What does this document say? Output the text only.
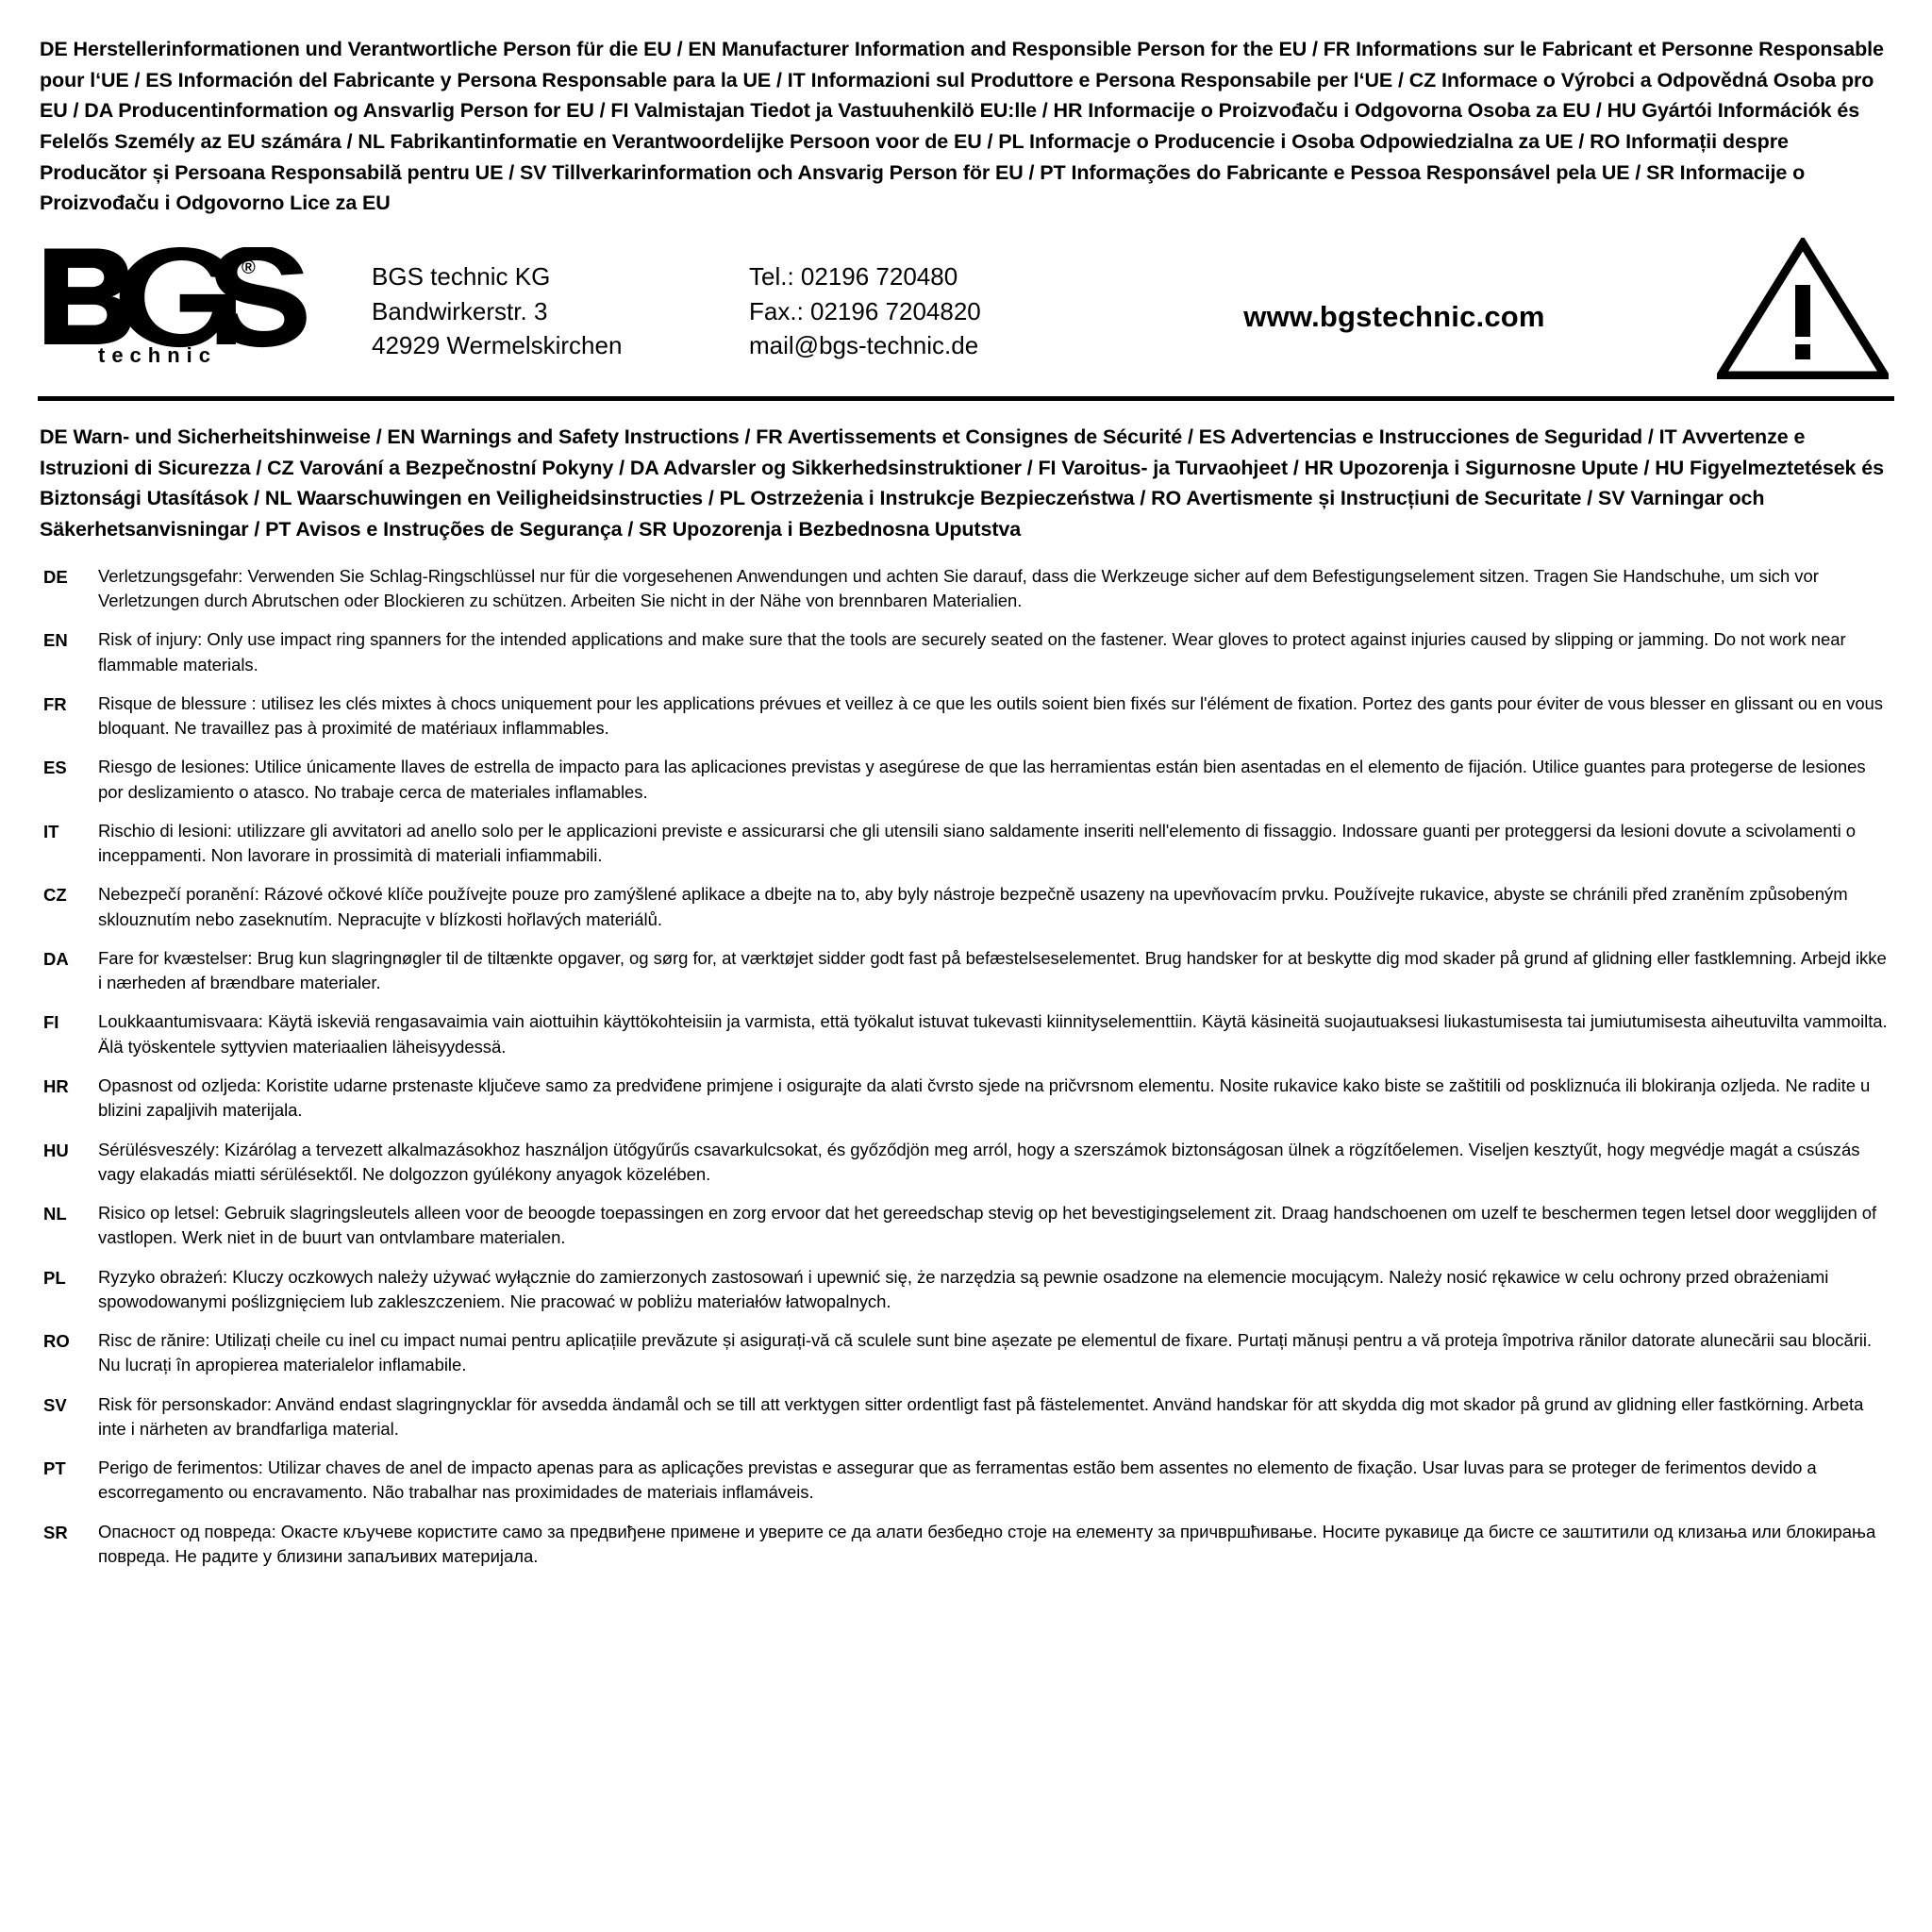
DE Herstellerinformationen und Verantwortliche Person für die EU / EN Manufacturer Information and Responsible Person for the EU / FR Informations sur le Fabricant et Personne Responsable pour l‘UE / ES Información del Fabricante y Persona Responsable para la UE / IT Informazioni sul Produttore e Persona Responsabile per l‘UE / CZ Informace o Výrobci a Odpovědná Osoba pro EU / DA Producentinformation og Ansvarlig Person for EU / FI Valmistajan Tiedot ja Vastuuhenkilö EU:lle / HR Informacije o Proizvođaču i Odgovorna Osoba za EU / HU Gyártói Információk és Felelős Személy az EU számára / NL Fabrikantinformatie en Verantwoordelijke Persoon voor de EU / PL Informacje o Producencie i Osoba Odpowiedzialna za UE / RO Informații despre Producător și Persoana Responsabilă pentru UE / SV Tillverkarinformation och Ansvarig Person för EU / PT Informações do Fabricante e Pessoa Responsável pela UE / SR Informacije o Proizvođaču i Odgovorno Lice za EU
®
technic
BGS technic KG
Bandwirkerstr. 3
42929 Wermelskirchen
Tel.: 02196 720480
Fax.: 02196 7204820
mail@bgs-technic.de
www.bgstechnic.com
DE Warn- und Sicherheitshinweise / EN Warnings and Safety Instructions / FR Avertissements et Consignes de Sécurité / ES Advertencias e Instrucciones de Seguridad / IT Avvertenze e Istruzioni di Sicurezza / CZ Varování a Bezpečnostní Pokyny / DA Advarsler og Sikkerhedsinstruktioner / FI Varoitus- ja Turvaohjeet / HR Upozorenja i Sigurnosne Upute / HU Figyelmeztetések és Biztonsági Utasítások / NL Waarschuwingen en Veiligheidsinstructies / PL Ostrzeżenia i Instrukcje Bezpieczeństwa / RO Avertismente și Instrucțiuni de Securitate / SV Varningar och Säkerhetsanvisningar / PT Avisos e Instruções de Segurança / SR Upozorenja i Bezbednosna Uputstva
DE	Verletzungsgefahr: Verwenden Sie Schlag-Ringschlüssel nur für die vorgesehenen Anwendungen und achten Sie darauf, dass die Werkzeuge sicher auf dem Befestigungselement sitzen. Tragen Sie Handschuhe, um sich vor Verletzungen durch Abrutschen oder Blockieren zu schützen. Arbeiten Sie nicht in der Nähe von brennbaren Materialien.
EN	Risk of injury: Only use impact ring spanners for the intended applications and make sure that the tools are securely seated on the fastener. Wear gloves to protect against injuries caused by slipping or jamming. Do not work near flammable materials.
FR	Risque de blessure : utilisez les clés mixtes à chocs uniquement pour les applications prévues et veillez à ce que les outils soient bien fixés sur l'élément de fixation. Portez des gants pour éviter de vous blesser en glissant ou en vous bloquant. Ne travaillez pas à proximité de matériaux inflammables.
ES	Riesgo de lesiones: Utilice únicamente llaves de estrella de impacto para las aplicaciones previstas y asegúrese de que las herramientas están bien asentadas en el elemento de fijación. Utilice guantes para protegerse de lesiones por deslizamiento o atasco. No trabaje cerca de materiales inflamables.
IT	Rischio di lesioni: utilizzare gli avvitatori ad anello solo per le applicazioni previste e assicurarsi che gli utensili siano saldamente inseriti nell'elemento di fissaggio. Indossare guanti per proteggersi da lesioni dovute a scivolamenti o inceppamenti. Non lavorare in prossimità di materiali infiammabili.
CZ	Nebezpečí poranění: Rázové očkové klíče používejte pouze pro zamýšlené aplikace a dbejte na to, aby byly nástroje bezpečně usazeny na upevňovacím prvku. Používejte rukavice, abyste se chránili před zraněním způsobeným sklouznutím nebo zaseknutím. Nepracujte v blízkosti hořlavých materiálů.
DA	Fare for kvæstelser: Brug kun slagringnøgler til de tiltænkte opgaver, og sørg for, at værktøjet sidder godt fast på befæstelseselementet. Brug handsker for at beskytte dig mod skader på grund af glidning eller fastklemning. Arbejd ikke i nærheden af brændbare materialer.
FI	Loukkaantumisvaara: Käytä iskeviä rengasavaimia vain aiottuihin käyttökohteisiin ja varmista, että työkalut istuvat tukevasti kiinnityselementtiin. Käytä käsineitä suojautuaksesi liukastumisesta tai jumiutumisesta aiheutuvilta vammoilta. Älä työskentele syttyvien materiaalien läheisyydessä.
HR	Opasnost od ozljeda: Koristite udarne prstenaste ključeve samo za predviđene primjene i osigurajte da alati čvrsto sjede na pričvrsnom elementu. Nosite rukavice kako biste se zaštitili od poskliznuća ili blokiranja ozljeda. Ne radite u blizini zapaljivih materijala.
HU	Sérülésveszély: Kizárólag a tervezett alkalmazásokhoz használjon ütőgyűrűs csavarkulcsokat, és győződjön meg arról, hogy a szerszámok biztonságosan ülnek a rögzítőelemen. Viseljen kesztyűt, hogy megvédje magát a csúszás vagy elakadás miatti sérülésektől. Ne dolgozzon gyúlékony anyagok közelében.
NL	Risico op letsel: Gebruik slagringsleutels alleen voor de beoogde toepassingen en zorg ervoor dat het gereedschap stevig op het bevestigingselement zit. Draag handschoenen om uzelf te beschermen tegen letsel door wegglijden of vastlopen. Werk niet in de buurt van ontvlambare materialen.
PL	Ryzyko obrażeń: Kluczy oczkowych należy używać wyłącznie do zamierzonych zastosowań i upewnić się, że narzędzia są pewnie osadzone na elemencie mocującym. Należy nosić rękawice w celu ochrony przed obrażeniami spowodowanymi poślizgnięciem lub zakleszczeniem. Nie pracować w pobliżu materiałów łatwopalnych.
RO	Risc de rănire: Utilizați cheile cu inel cu impact numai pentru aplicațiile prevăzute și asigurați-vă că sculele sunt bine așezate pe elementul de fixare. Purtați mănuși pentru a vă proteja împotriva rănilor datorate alunecării sau blocării. Nu lucrați în apropierea materialelor inflamabile.
SV	Risk för personskador: Använd endast slagringnycklar för avsedda ändamål och se till att verktygen sitter ordentligt fast på fästelementet. Använd handskar för att skydda dig mot skador på grund av glidning eller fastkörning. Arbeta inte i närheten av brandfarliga material.
PT	Perigo de ferimentos: Utilizar chaves de anel de impacto apenas para as aplicações previstas e assegurar que as ferramentas estão bem assentes no elemento de fixação. Usar luvas para se proteger de ferimentos devido a escorregamento ou encravamento. Não trabalhar nas proximidades de materiais inflamáveis.
SR	Опасност од повреда: Окасте кључеве користите само за предвиђене примене и уверите се да алати безбедно стоје на елементу за причвршћивање. Носите рукавице да бисте се заштитили од клизања или блокирања повреда. Не радите у близини запаљивих материјала.
